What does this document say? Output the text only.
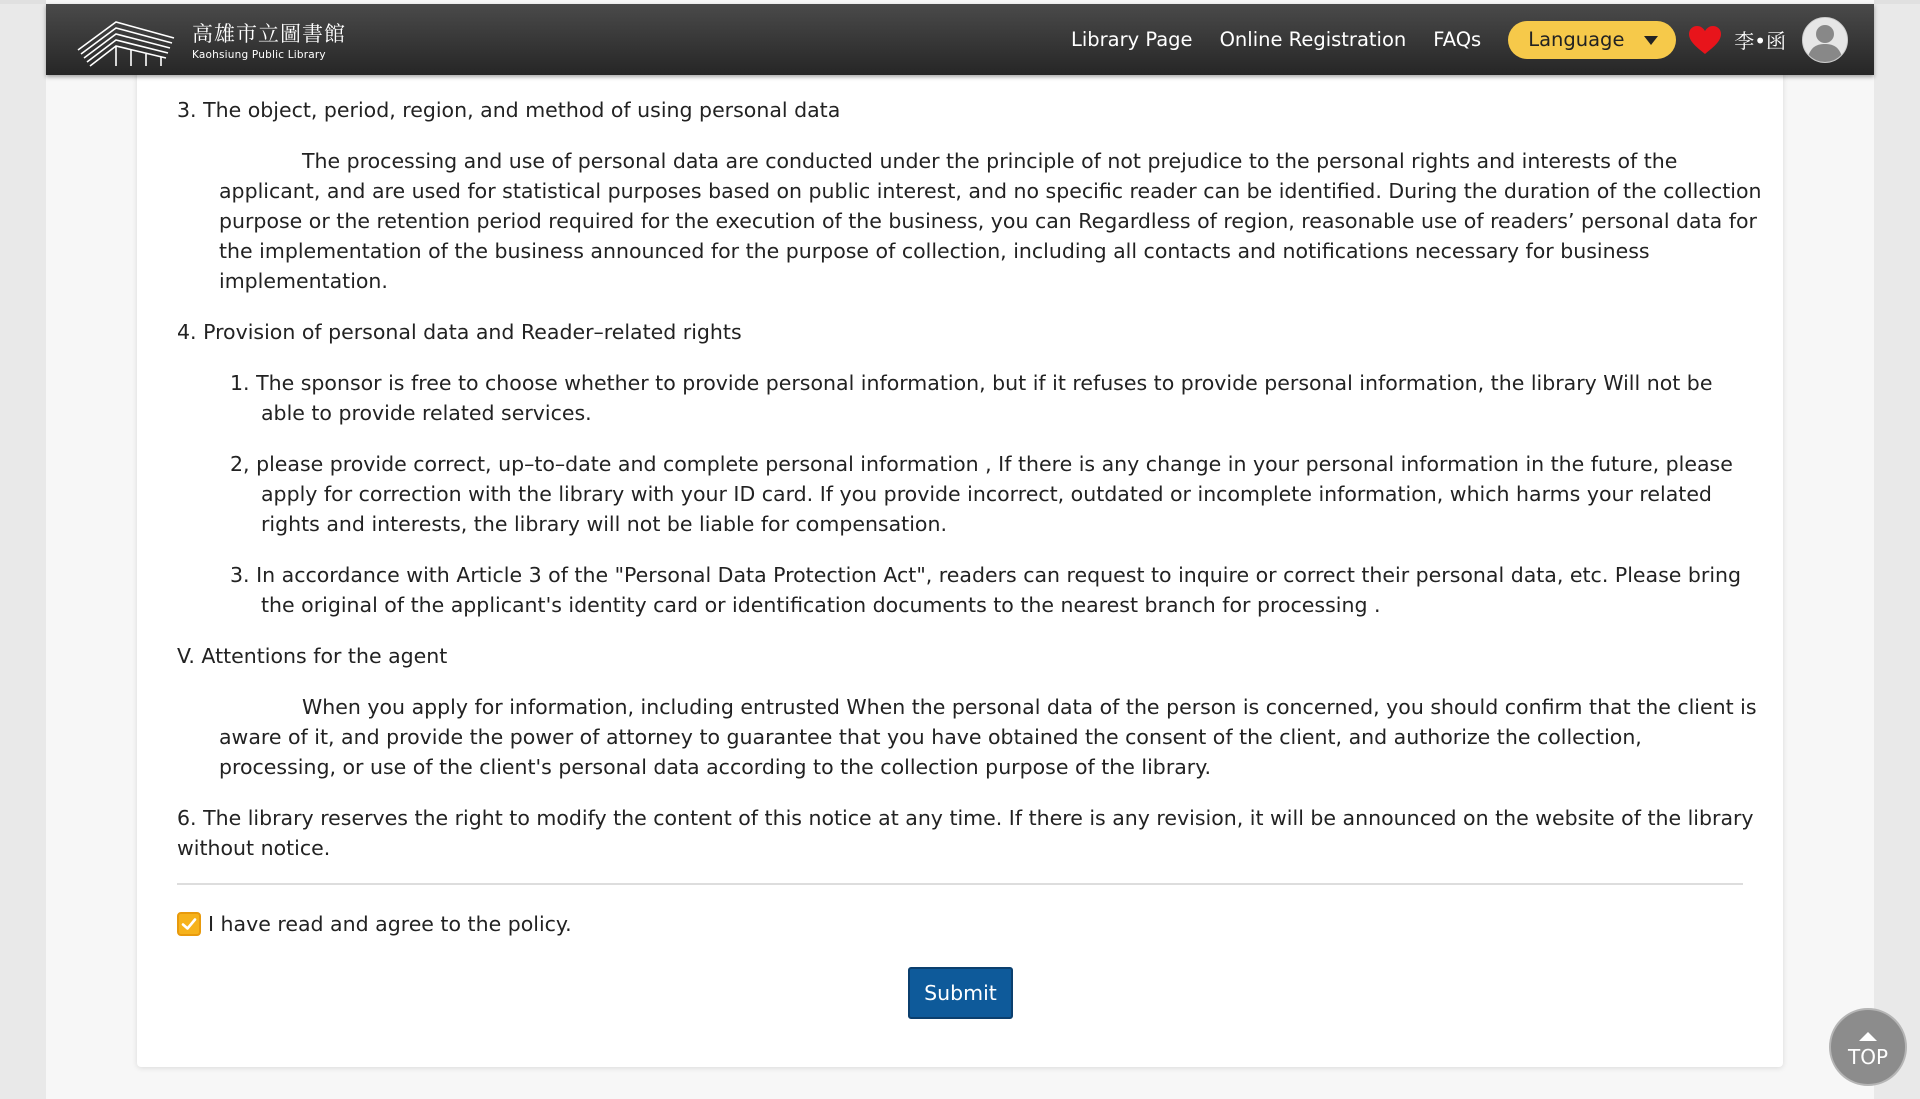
高雄市立圖書館
Kaohsiung Public Library
Library Page Online Registration FAQs Language	李•函

3. The object, period, region, and method of using personal data

The processing and use of personal data are conducted under the principle of not prejudice to the personal rights and interests of the applicant, and are used for statistical purposes based on public interest, and no specific reader can be identified. During the duration of the collection purpose or the retention period required for the execution of the business, you can Regardless of region, reasonable use of readers’ personal data for the implementation of the business announced for the purpose of collection, including all contacts and notifications necessary for business implementation.

4. Provision of personal data and Reader–related rights

1. The sponsor is free to choose whether to provide personal information, but if it refuses to provide personal information, the library Will not be able to provide related services.

2, please provide correct, up–to–date and complete personal information , If there is any change in your personal information in the future, please apply for correction with the library with your ID card. If you provide incorrect, outdated or incomplete information, which harms your related rights and interests, the library will not be liable for compensation.

3. In accordance with Article 3 of the "Personal Data Protection Act", readers can request to inquire or correct their personal data, etc. Please bring the original of the applicant's identity card or identification documents to the nearest branch for processing .

V. Attentions for the agent

When you apply for information, including entrusted When the personal data of the person is concerned, you should confirm that the client is aware of it, and provide the power of attorney to guarantee that you have obtained the consent of the client, and authorize the collection, processing, or use of the client's personal data according to the collection purpose of the library.

6. The library reserves the right to modify the content of this notice at any time. If there is any revision, it will be announced on the website of the library without notice.

I have read and agree to the policy.
Submit
TOP
